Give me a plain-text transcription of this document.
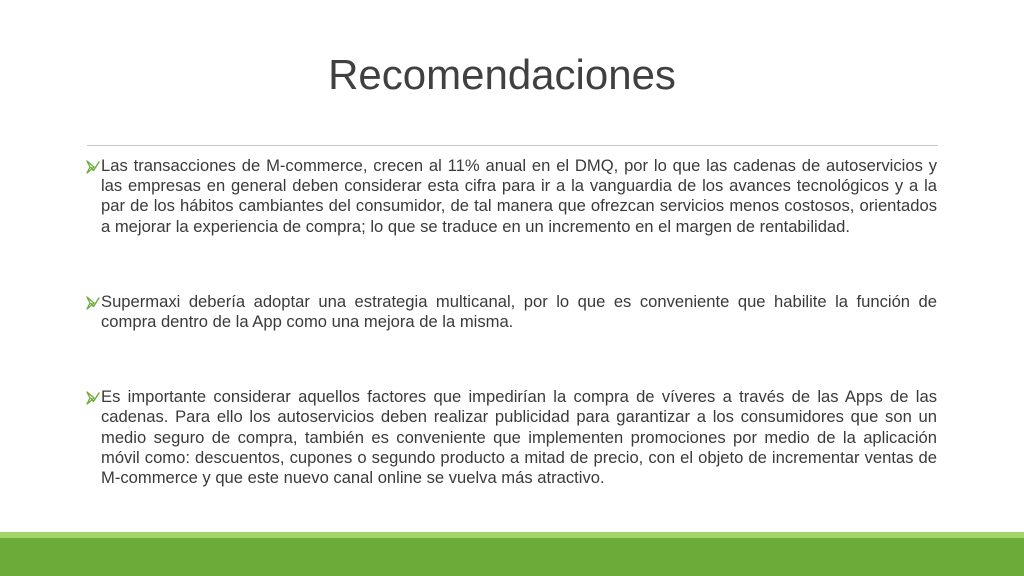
Recomendaciones
Las transacciones de M-commerce, crecen al 11% anual en el DMQ, por lo que las cadenas de autoservicios y las empresas en general deben considerar esta cifra para ir a la vanguardia de los avances tecnológicos y a la par de los hábitos cambiantes del consumidor, de tal manera que ofrezcan servicios menos costosos, orientados a mejorar la experiencia de compra; lo que se traduce en un incremento en el margen de rentabilidad.
Supermaxi debería adoptar una estrategia multicanal, por lo que es conveniente que habilite la función de compra dentro de la App como una mejora de la misma.
Es importante considerar aquellos factores que impedirían la compra de víveres a través de las Apps de las cadenas. Para ello los autoservicios deben realizar publicidad para garantizar a los consumidores que son un medio seguro de compra, también es conveniente que implementen promociones por medio de la aplicación móvil como: descuentos, cupones o segundo producto a mitad de precio, con el objeto de incrementar ventas de M-commerce y que este nuevo canal online se vuelva más atractivo.
